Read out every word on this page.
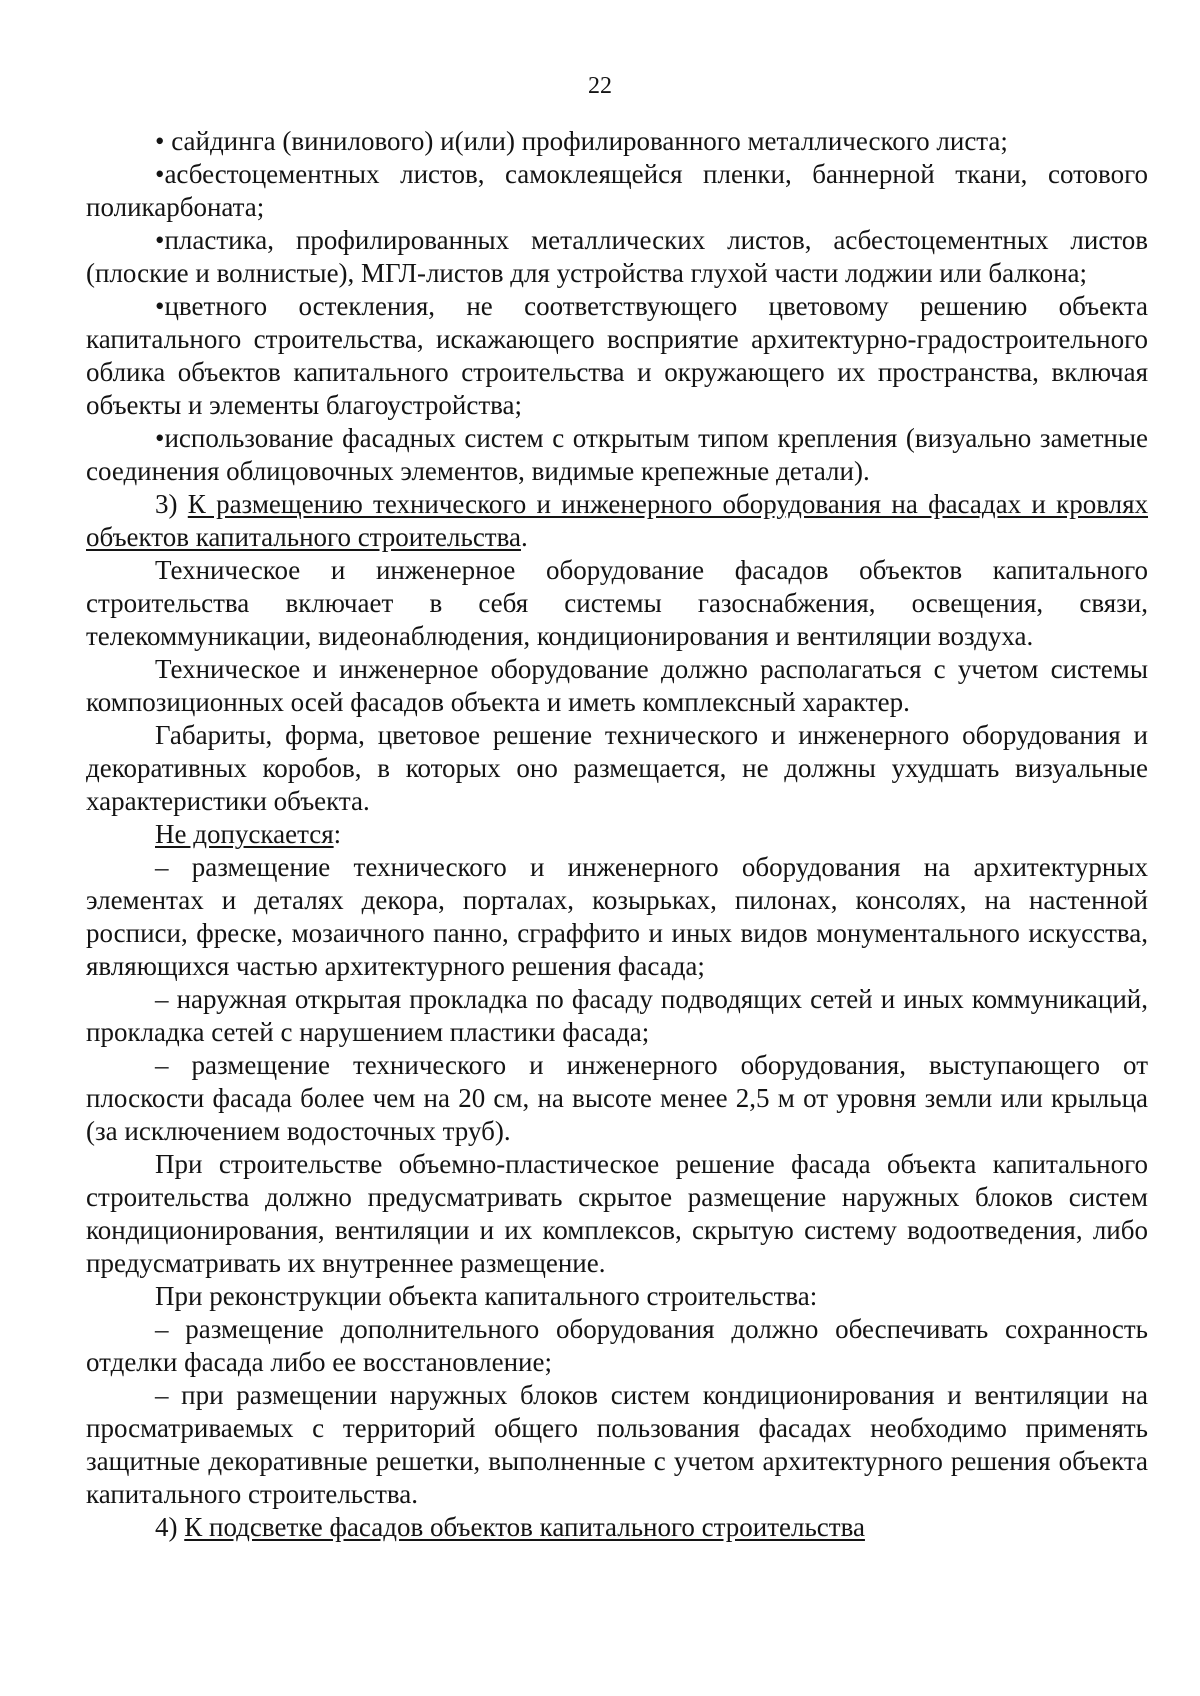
22

• сайдинга (винилового) и(или) профилированного металлического листа;

•асбестоцементных листов, самоклеящейся пленки, баннерной ткани, сотового поликарбоната;

•пластика, профилированных металлических листов, асбестоцементных листов (плоские и волнистые), МГЛ-листов для устройства глухой части лоджии или балкона;

•цветного остекления, не соответствующего цветовому решению объекта капитального строительства, искажающего восприятие архитектурно-градостроительного облика объектов капитального строительства и окружающего их пространства, включая объекты и элементы благоустройства;

•использование фасадных систем с открытым типом крепления (визуально заметные соединения облицовочных элементов, видимые крепежные детали).

3) К размещению технического и инженерного оборудования на фасадах и кровлях объектов капитального строительства.

Техническое и инженерное оборудование фасадов объектов капитального строительства включает в себя системы газоснабжения, освещения, связи, телекоммуникации, видеонаблюдения, кондиционирования и вентиляции воздуха.

Техническое и инженерное оборудование должно располагаться с учетом системы композиционных осей фасадов объекта и иметь комплексный характер.

Габариты, форма, цветовое решение технического и инженерного оборудования и декоративных коробов, в которых оно размещается, не должны ухудшать визуальные характеристики объекта.

Не допускается:

– размещение технического и инженерного оборудования на архитектурных элементах и деталях декора, порталах, козырьках, пилонах, консолях, на настенной росписи, фреске, мозаичного панно, сграффито и иных видов монументального искусства, являющихся частью архитектурного решения фасада;

– наружная открытая прокладка по фасаду подводящих сетей и иных коммуникаций, прокладка сетей с нарушением пластики фасада;

– размещение технического и инженерного оборудования, выступающего от плоскости фасада более чем на 20 см, на высоте менее 2,5 м от уровня земли или крыльца (за исключением водосточных труб).

При строительстве объемно-пластическое решение фасада объекта капитального строительства должно предусматривать скрытое размещение наружных блоков систем кондиционирования, вентиляции и их комплексов, скрытую систему водоотведения, либо предусматривать их внутреннее размещение.

При реконструкции объекта капитального строительства:

– размещение дополнительного оборудования должно обеспечивать сохранность отделки фасада либо ее восстановление;

– при размещении наружных блоков систем кондиционирования и вентиляции на просматриваемых с территорий общего пользования фасадах необходимо применять защитные декоративные решетки, выполненные с учетом архитектурного решения объекта капитального строительства.

4) К подсветке фасадов объектов капитального строительства
